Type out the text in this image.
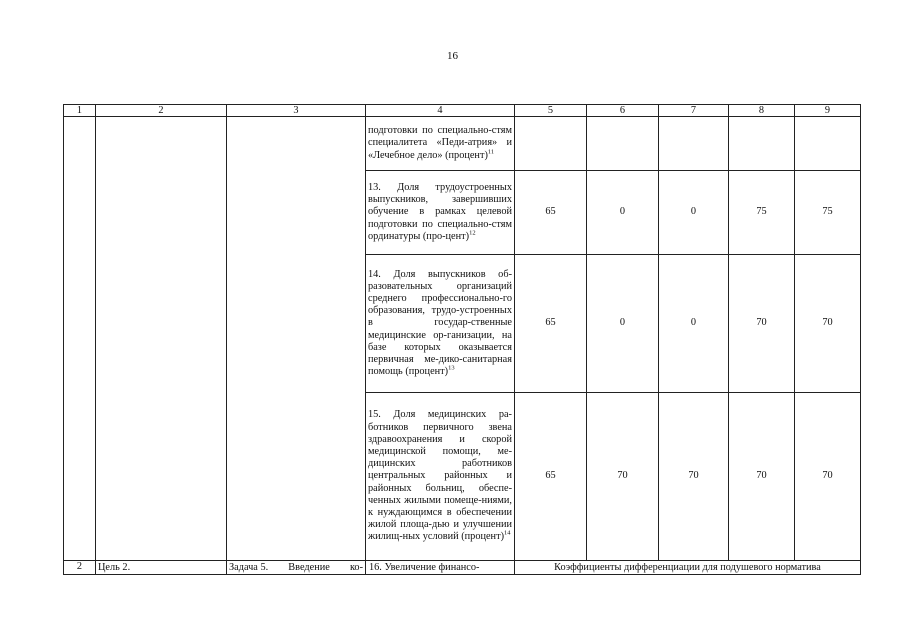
16
1	2	3	4	5	6	7	8	9
			подготовки по специально-стям специалитета «Педи-атрия» и «Лечебное дело» (процент)$^{11}$					
			13. Доля трудоустроенных выпускников, завершивших обучение в рамках целевой подготовки по специально-стям ординатуры (про-цент)$^{12}$	65	0	0	75	75
			14. Доля выпускников об-разовательных организаций среднего профессионально-го образования, трудо-устроенных в государ-ственные медицинские ор-ганизации, на базе которых оказывается первичная ме-дико-санитарная помощь (процент)$^{13}$	65	0	0	70	70
			15. Доля медицинских ра-ботников первичного звена здравоохранения и скорой медицинской помощи, ме-дицинских работников центральных районных и районных больниц, обеспе-ченных жилыми помеще-ниями, к нуждающимся в обеспечении жилой площа-дью и улучшении жилищ-ных условий (процент)$^{14}$	65	70	70	70	70
2	Цель 2.	Задача 5. Введение ко-	16. Увеличение финансо-	Коэффициенты дифференциации для подушевого норматива				
